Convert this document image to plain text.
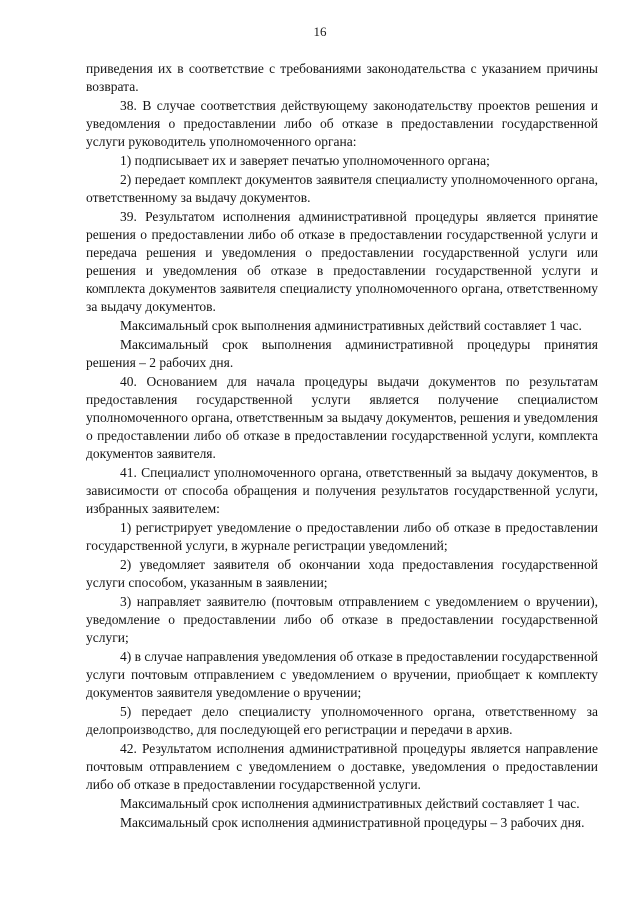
16

приведения их в соответствие с требованиями законодательства с указанием причины возврата.

38. В случае соответствия действующему законодательству проектов решения и уведомления о предоставлении либо об отказе в предоставлении государственной услуги руководитель уполномоченного органа:

1) подписывает их и заверяет печатью уполномоченного органа;

2) передает комплект документов заявителя специалисту уполномоченного органа, ответственному за выдачу документов.

39. Результатом исполнения административной процедуры является принятие решения о предоставлении либо об отказе в предоставлении государственной услуги и передача решения и уведомления о предоставлении государственной услуги или решения и уведомления об отказе в предоставлении государственной услуги и комплекта документов заявителя специалисту уполномоченного органа, ответственному за выдачу документов.

Максимальный срок выполнения административных действий составляет 1 час.

Максимальный срок выполнения административной процедуры принятия решения – 2 рабочих дня.

40. Основанием для начала процедуры выдачи документов по результатам предоставления государственной услуги является получение специалистом уполномоченного органа, ответственным за выдачу документов, решения и уведомления о предоставлении либо об отказе в предоставлении государственной услуги, комплекта документов заявителя.

41. Специалист уполномоченного органа, ответственный за выдачу документов, в зависимости от способа обращения и получения результатов государственной услуги, избранных заявителем:

1) регистрирует уведомление о предоставлении либо об отказе в предоставлении государственной услуги, в журнале регистрации уведомлений;

2) уведомляет заявителя об окончании хода предоставления государственной услуги способом, указанным в заявлении;

3) направляет заявителю (почтовым отправлением с уведомлением о вручении), уведомление о предоставлении либо об отказе в предоставлении государственной услуги;

4) в случае направления уведомления об отказе в предоставлении государственной услуги почтовым отправлением с уведомлением о вручении, приобщает к комплекту документов заявителя уведомление о вручении;

5) передает дело специалисту уполномоченного органа, ответственному за делопроизводство, для последующей его регистрации и передачи в архив.

42. Результатом исполнения административной процедуры является направление почтовым отправлением с уведомлением о доставке, уведомления о предоставлении либо об отказе в предоставлении государственной услуги.

Максимальный срок исполнения административных действий составляет 1 час.

Максимальный срок исполнения административной процедуры – 3 рабочих дня.
